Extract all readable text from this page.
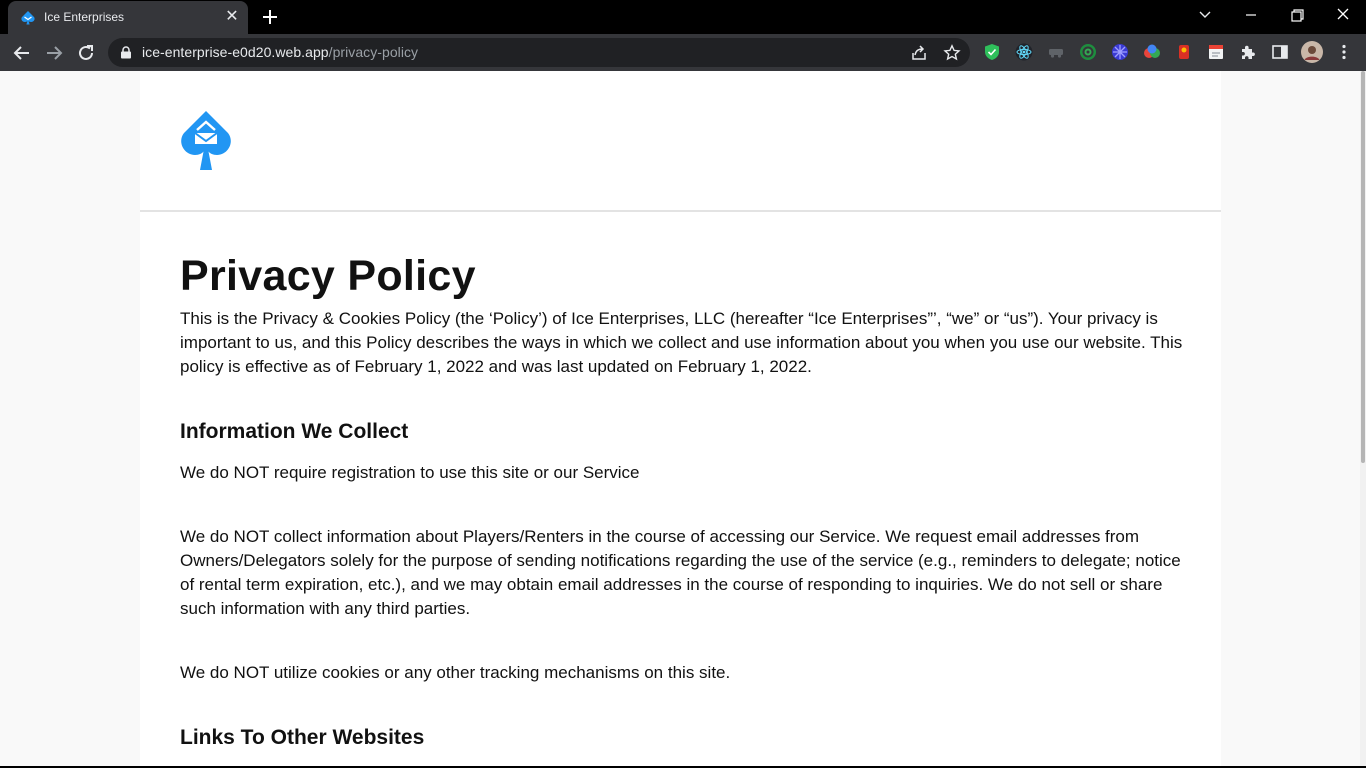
Ice Enterprises	✕
ice-enterprise-e0d20.web.app/privacy-policy
Privacy Policy

This is the Privacy & Cookies Policy (the ‘Policy’) of Ice Enterprises, LLC (hereafter “Ice Enterprises”’, “we” or “us”). Your privacy is important to us, and this Policy describes the ways in which we collect and use information about you when you use our website. This policy is effective as of February 1, 2022 and was last updated on February 1, 2022.

Information We Collect

We do NOT require registration to use this site or our Service

We do NOT collect information about Players/Renters in the course of accessing our Service. We request email addresses from Owners/Delegators solely for the purpose of sending notifications regarding the use of the service (e.g., reminders to delegate; notice of rental term expiration, etc.), and we may obtain email addresses in the course of responding to inquiries. We do not sell or share such information with any third parties.

We do NOT utilize cookies or any other tracking mechanisms on this site.

Links To Other Websites
